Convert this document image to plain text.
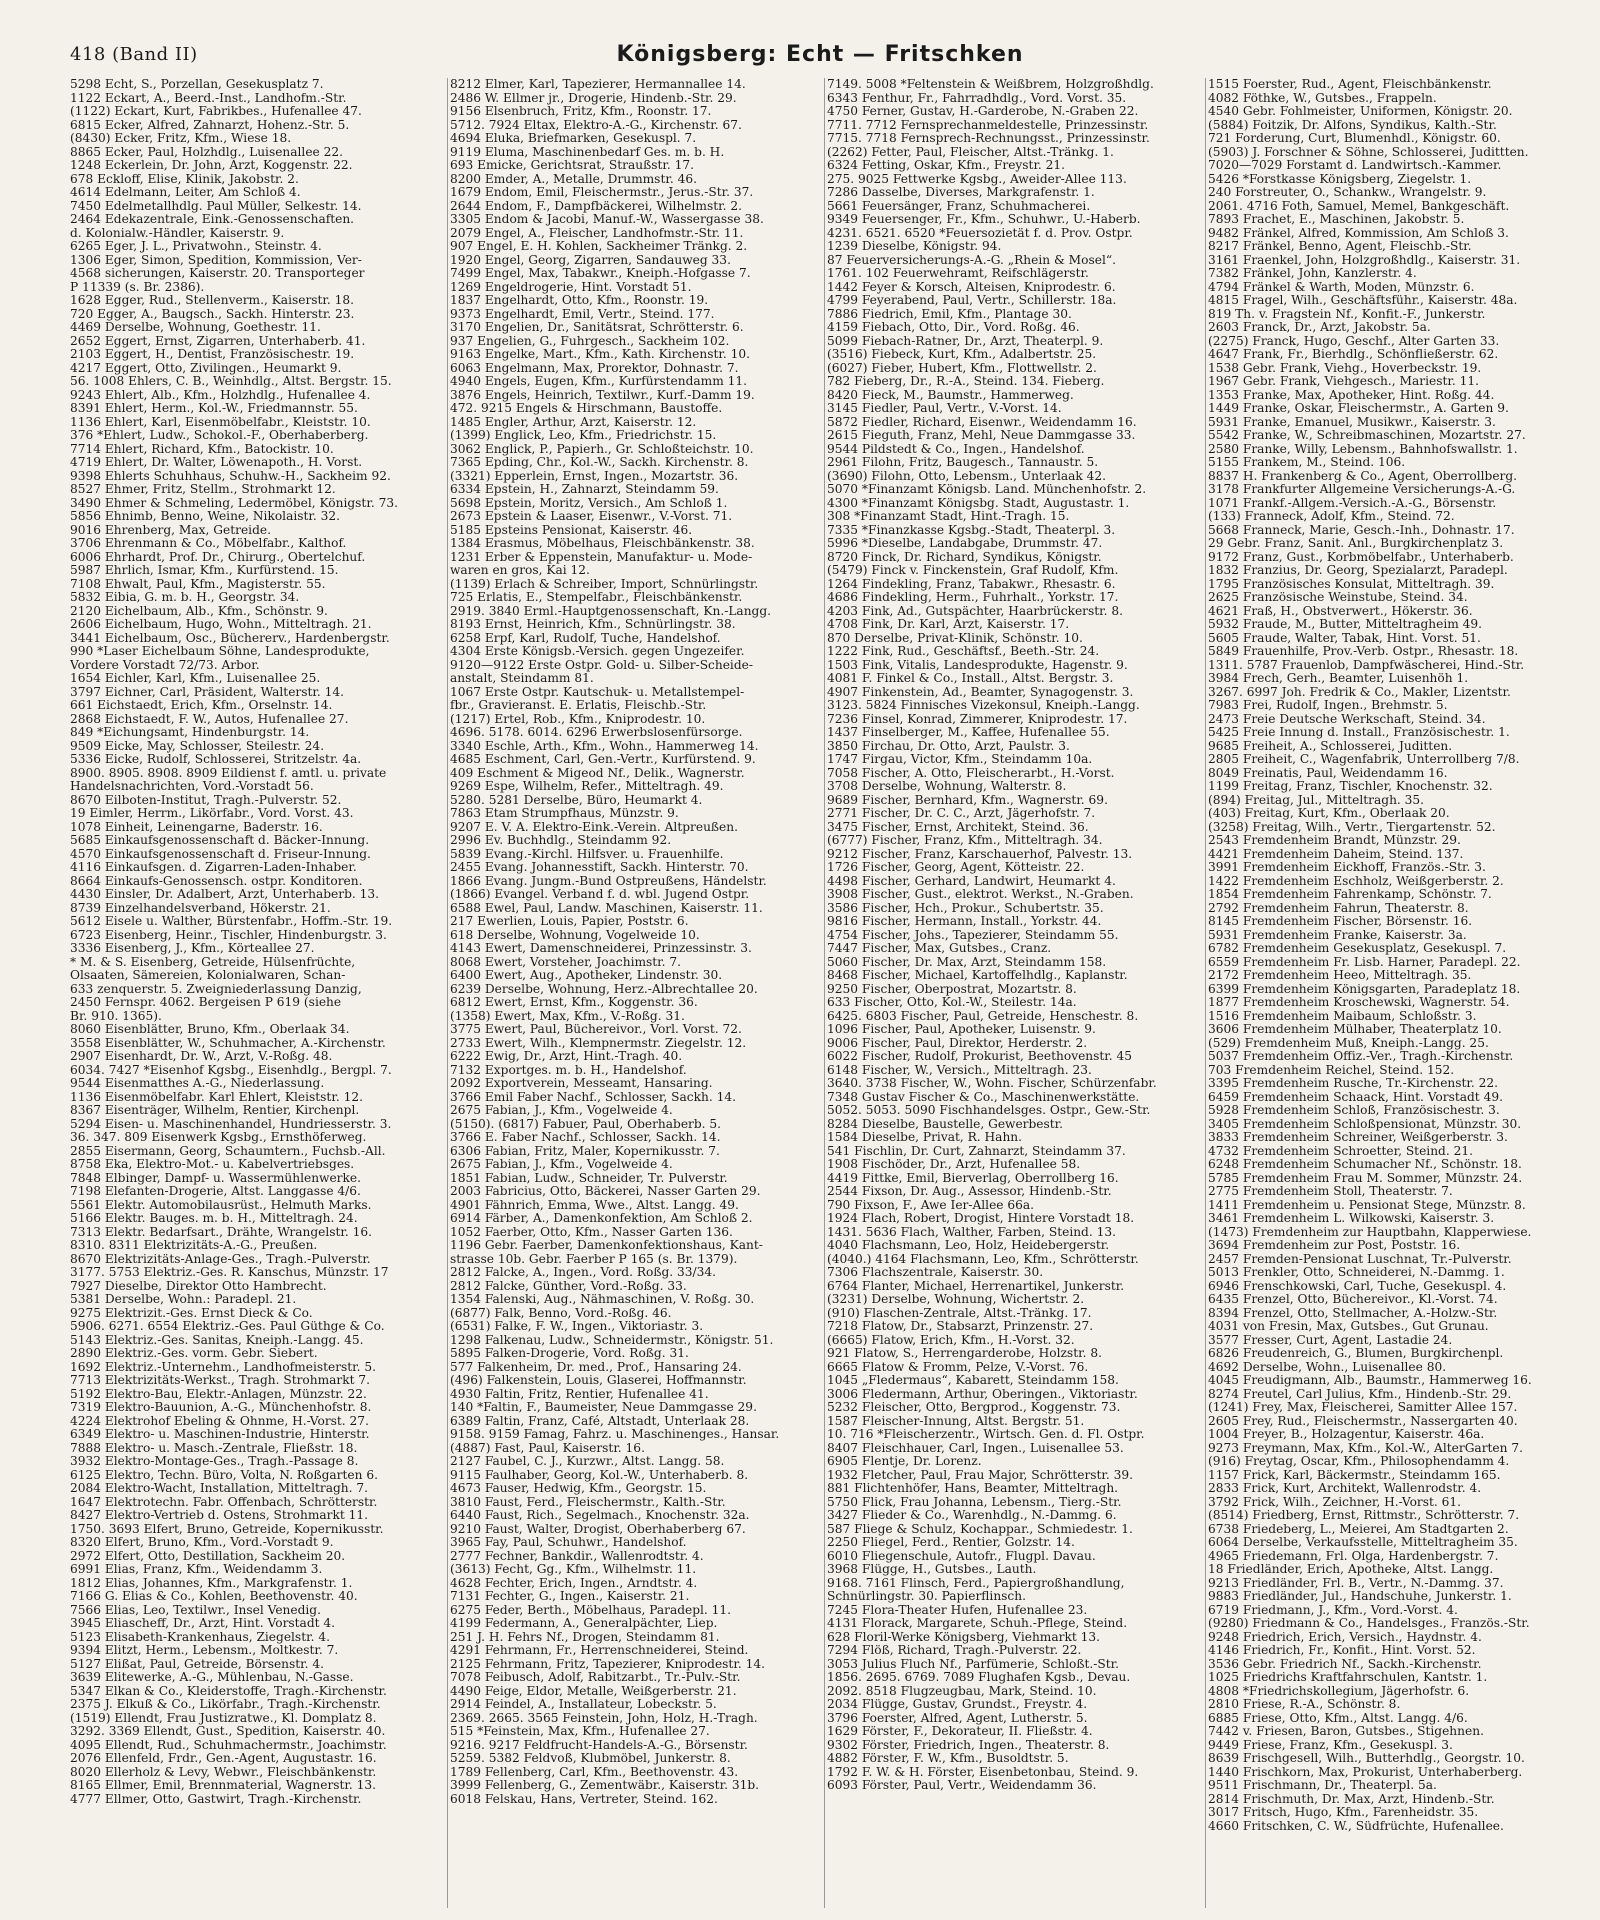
418 (Band II)	Königsberg: Echt — Fritschken
5298 Echt, S., Porzellan, Gesekusplatz 7.
1122 Eckart, A., Beerd.-Inst., Landhofm.-Str.
(1122) Eckart, Kurt, Fabrikbes., Hufenallee 47.
6815 Ecker, Alfred, Zahnarzt, Hohenz.-Str. 5.
(8430) Ecker, Fritz, Kfm., Wiese 18.
8865 Ecker, Paul, Holzhdlg., Luisenallee 22.
1248 Eckerlein, Dr. John, Arzt, Koggenstr. 22.
678 Eckloff, Elise, Klinik, Jakobstr. 2.
4614 Edelmann, Leiter, Am Schloß 4.
7450 Edelmetallhdlg. Paul Müller, Selkestr. 14.
2464 Edekazentrale, Eink.-Genossenschaften.
d. Kolonialw.-Händler, Kaiserstr. 9.
6265 Eger, J. L., Privatwohn., Steinstr. 4.
1306 Eger, Simon, Spedition, Kommission, Ver-
4568 sicherungen, Kaiserstr. 20. Transporteger
P 11339 (s. Br. 2386).
1628 Egger, Rud., Stellenverm., Kaiserstr. 18.
720 Egger, A., Baugsch., Sackh. Hinterstr. 23.
4469 Derselbe, Wohnung, Goethestr. 11.
2652 Eggert, Ernst, Zigarren, Unterhaberb. 41.
2103 Eggert, H., Dentist, Französischestr. 19.
4217 Eggert, Otto, Zivilingen., Heumarkt 9.
56. 1008 Ehlers, C. B., Weinhdlg., Altst. Bergstr. 15.
9243 Ehlert, Alb., Kfm., Holzhdlg., Hufenallee 4.
8391 Ehlert, Herm., Kol.-W., Friedmannstr. 55.
1136 Ehlert, Karl, Eisenmöbelfabr., Kleiststr. 10.
376 *Ehlert, Ludw., Schokol.-F., Oberhaberberg.
7714 Ehlert, Richard, Kfm., Batockistr. 10.
4719 Ehlert, Dr. Walter, Löwenapoth., H. Vorst.
9398 Ehlerts Schuhhaus, Schuhw.-H., Sackheim 92.
8527 Ehmer, Fritz, Stellm., Strohmarkt 12.
3490 Ehmer & Schmeling, Ledermöbel, Königstr. 73.
5856 Ehnimb, Benno, Weine, Nikolaistr. 32.
9016 Ehrenberg, Max, Getreide.
3706 Ehrenmann & Co., Möbelfabr., Kalthof.
6006 Ehrhardt, Prof. Dr., Chirurg., Obertelchuf.
5987 Ehrlich, Ismar, Kfm., Kurfürstend. 15.
7108 Ehwalt, Paul, Kfm., Magisterstr. 55.
5832 Eibia, G. m. b. H., Georgstr. 34.
2120 Eichelbaum, Alb., Kfm., Schönstr. 9.
2606 Eichelbaum, Hugo, Wohn., Mitteltragh. 21.
3441 Eichelbaum, Osc., Büchererv., Hardenbergstr.
990 *Laser Eichelbaum Söhne, Landesprodukte,
Vordere Vorstadt 72/73. Arbor.
1654 Eichler, Karl, Kfm., Luisenallee 25.
3797 Eichner, Carl, Präsident, Walterstr. 14.
661 Eichstaedt, Erich, Kfm., Orselnstr. 14.
2868 Eichstaedt, F. W., Autos, Hufenallee 27.
849 *Eichungsamt, Hindenburgstr. 14.
9509 Eicke, May, Schlosser, Steilestr. 24.
5336 Eicke, Rudolf, Schlosserei, Stritzelstr. 4a.
8900. 8905. 8908. 8909 Eildienst f. amtl. u. private
Handelsnachrichten, Vord.-Vorstadt 56.
8670 Eilboten-Institut, Tragh.-Pulverstr. 52.
19 Eimler, Herrm., Likörfabr., Vord. Vorst. 43.
1078 Einheit, Leinengarne, Baderstr. 16.
5685 Einkaufsgenossenschaft d. Bäcker-Innung.
4570 Einkaufsgenossenschaft d. Friseur-Innung.
4116 Einkaufsgen. d. Zigarren-Laden-Inhaber.
8664 Einkaufs-Genossensch. ostpr. Konditoren.
4430 Einsler, Dr. Adalbert, Arzt, Unterhaberb. 13.
8739 Einzelhandelsverband, Hökerstr. 21.
5612 Eisele u. Walther, Bürstenfabr., Hoffm.-Str. 19.
6723 Eisenberg, Heinr., Tischler, Hindenburgstr. 3.
3336 Eisenberg, J., Kfm., Körteallee 27.
* M. & S. Eisenberg, Getreide, Hülsenfrüchte,
Ölsaaten, Sämereien, Kolonialwaren, Schan-
633 zenquerstr. 5. Zweigniederlassung Danzig,
2450 Fernspr. 4062. Bergeisen P 619 (siehe
Br. 910. 1365).
8060 Eisenblätter, Bruno, Kfm., Oberlaak 34.
3558 Eisenblätter, W., Schuhmacher, A.-Kirchenstr.
2907 Eisenhardt, Dr. W., Arzt, V.-Roßg. 48.
6034. 7427 *Eisenhof Kgsbg., Eisenhdlg., Bergpl. 7.
9544 Eisenmatthes A.-G., Niederlassung.
1136 Eisenmöbelfabr. Karl Ehlert, Kleiststr. 12.
8367 Eisenträger, Wilhelm, Rentier, Kirchenpl.
5294 Eisen- u. Maschinenhandel, Hundriesserstr. 3.
36. 347. 809 Eisenwerk Kgsbg., Ernsthöferweg.
2855 Eisermann, Georg, Schaumtern., Fuchsb.-All.
8758 Eka, Elektro-Mot.- u. Kabelvertriebsges.
7848 Elbinger, Dampf- u. Wassermühlenwerke.
7198 Elefanten-Drogerie, Altst. Langgasse 4/6.
5561 Elektr. Automobilausrüst., Helmuth Marks.
5166 Elektr. Bauges. m. b. H., Mitteltragh. 24.
7313 Elektr. Bedarfsart., Drähte, Wrangelstr. 16.
8310. 8311 Elektrizitäts-A.-G., Preußen.
8670 Elektrizitäts-Anlage-Ges., Tragh.-Pulverstr.
3177. 5753 Elektriz.-Ges. R. Kanschus, Münzstr. 17
7927 Dieselbe, Direktor Otto Hambrecht.
5381 Derselbe, Wohn.: Paradepl. 21.
9275 Elektrizit.-Ges. Ernst Dieck & Co.
5906. 6271. 6554 Elektriz.-Ges. Paul Güthge & Co.
5143 Elektriz.-Ges. Sanitas, Kneiph.-Langg. 45.
2890 Elektriz.-Ges. vorm. Gebr. Siebert.
1692 Elektriz.-Unternehm., Landhofmeisterstr. 5.
7713 Elektrizitäts-Werkst., Tragh. Strohmarkt 7.
5192 Elektro-Bau, Elektr.-Anlagen, Münzstr. 22.
7319 Elektro-Bauunion, A.-G., Münchenhofstr. 8.
4224 Elektrohof Ebeling & Ohnme, H.-Vorst. 27.
6349 Elektro- u. Maschinen-Industrie, Hinterstr.
7888 Elektro- u. Masch.-Zentrale, Fließstr. 18.
3932 Elektro-Montage-Ges., Tragh.-Passage 8.
6125 Elektro, Techn. Büro, Volta, N. Roßgarten 6.
2084 Elektro-Wacht, Installation, Mitteltragh. 7.
1647 Elektrotechn. Fabr. Offenbach, Schrötterstr.
8427 Elektro-Vertrieb d. Ostens, Strohmarkt 11.
1750. 3693 Elfert, Bruno, Getreide, Kopernikusstr.
8320 Elfert, Bruno, Kfm., Vord.-Vorstadt 9.
2972 Elfert, Otto, Destillation, Sackheim 20.
6991 Elias, Franz, Kfm., Weidendamm 3.
1812 Elias, Johannes, Kfm., Markgrafenstr. 1.
7166 G. Elias & Co., Kohlen, Beethovenstr. 40.
7566 Elias, Leo, Textilwr., Insel Venedig.
3945 Eliascheff, Dr., Arzt, Hint. Vorstadt 4.
5123 Elisabeth-Krankenhaus, Ziegelstr. 4.
9394 Elitzt, Herm., Lebensm., Moltkestr. 7.
5127 Elißat, Paul, Getreide, Börsenstr. 4.
3639 Elitewerke, A.-G., Mühlenbau, N.-Gasse.
5347 Elkan & Co., Kleiderstoffe, Tragh.-Kirchenstr.
2375 J. Elkuß & Co., Likörfabr., Tragh.-Kirchenstr.
(1519) Ellendt, Frau Justizratwe., Kl. Domplatz 8.
3292. 3369 Ellendt, Gust., Spedition, Kaiserstr. 40.
4095 Ellendt, Rud., Schuhmachermstr., Joachimstr.
2076 Ellenfeld, Frdr., Gen.-Agent, Augustastr. 16.
8020 Ellerholz & Levy, Webwr., Fleischbänkenstr.
8165 Ellmer, Emil, Brennmaterial, Wagnerstr. 13.
4777 Ellmer, Otto, Gastwirt, Tragh.-Kirchenstr.
8212 Elmer, Karl, Tapezierer, Hermannallee 14.
2486 W. Ellmer jr., Drogerie, Hindenb.-Str. 29.
9156 Elsenbruch, Fritz, Kfm., Roonstr. 17.
5712. 7924 Eltax, Elektro-A.-G., Kirchenstr. 67.
4694 Eluka, Briefmarken, Gesekuspl. 7.
9119 Eluma, Maschinenbedarf Ges. m. b. H.
693 Emicke, Gerichtsrat, Straußstr. 17.
8200 Emder, A., Metalle, Drummstr. 46.
1679 Endom, Emil, Fleischermstr., Jerus.-Str. 37.
2644 Endom, F., Dampfbäckerei, Wilhelmstr. 2.
3305 Endom & Jacobi, Manuf.-W., Wassergasse 38.
2079 Engel, A., Fleischer, Landhofmstr.-Str. 11.
907 Engel, E. H. Kohlen, Sackheimer Tränkg. 2.
1920 Engel, Georg, Zigarren, Sandauweg 33.
7499 Engel, Max, Tabakwr., Kneiph.-Hofgasse 7.
1269 Engeldrogerie, Hint. Vorstadt 51.
1837 Engelhardt, Otto, Kfm., Roonstr. 19.
9373 Engelhardt, Emil, Vertr., Steind. 177.
3170 Engelien, Dr., Sanitätsrat, Schrötterstr. 6.
937 Engelien, G., Fuhrgesch., Sackheim 102.
9163 Engelke, Mart., Kfm., Kath. Kirchenstr. 10.
6063 Engelmann, Max, Prorektor, Dohnastr. 7.
4940 Engels, Eugen, Kfm., Kurfürstendamm 11.
3876 Engels, Heinrich, Textilwr., Kurf.-Damm 19.
472. 9215 Engels & Hirschmann, Baustoffe.
1485 Engler, Arthur, Arzt, Kaiserstr. 12.
(1399) Englick, Leo, Kfm., Friedrichstr. 15.
3062 Englick, P., Papierh., Gr. Schloßteichstr. 10.
7365 Epding, Chr., Kol.-W., Sackh. Kirchenstr. 8.
(3321) Epperlein, Ernst, Ingen., Mozartstr. 36.
6334 Epstein, H., Zahnarzt, Steindamm 59.
5698 Epstein, Moritz, Versich., Am Schloß 1.
2673 Epstein & Laaser, Eisenwr., V.-Vorst. 71.
5185 Epsteins Pensionat, Kaiserstr. 46.
1384 Erasmus, Möbelhaus, Fleischbänkenstr. 38.
1231 Erber & Eppenstein, Manufaktur- u. Mode-
waren en gros, Kai 12.
(1139) Erlach & Schreiber, Import, Schnürlingstr.
725 Erlatis, E., Stempelfabr., Fleischbänkenstr.
2919. 3840 Erml.-Hauptgenossenschaft, Kn.-Langg.
8193 Ernst, Heinrich, Kfm., Schnürlingstr. 38.
6258 Erpf, Karl, Rudolf, Tuche, Handelshof.
4304 Erste Königsb.-Versich. gegen Ungezeifer.
9120—9122 Erste Ostpr. Gold- u. Silber-Scheide-
anstalt, Steindamm 81.
1067 Erste Ostpr. Kautschuk- u. Metallstempel-
fbr., Gravieranst. E. Erlatis, Fleischb.-Str.
(1217) Ertel, Rob., Kfm., Kniprodestr. 10.
4696. 5178. 6014. 6296 Erwerbslosenfürsorge.
3340 Eschle, Arth., Kfm., Wohn., Hammerweg 14.
4685 Eschment, Carl, Gen.-Vertr., Kurfürstend. 9.
409 Eschment & Migeod Nf., Delik., Wagnerstr.
9269 Espe, Wilhelm, Refer., Mitteltragh. 49.
5280. 5281 Derselbe, Büro, Heumarkt 4.
7863 Etam Strumpfhaus, Münzstr. 9.
9207 E. V. A. Elektro-Eink.-Verein. Altpreußen.
2996 Ev. Buchhdlg., Steindamm 92.
5839 Evang.-Kirchl. Hilfsver. u. Frauenhilfe.
2455 Evang. Johannesstift, Sackh. Hinterstr. 70.
1866 Evang. Jungm.-Bund Ostpreußens, Händelstr.
(1866) Evangel. Verband f. d. wbl. Jugend Ostpr.
6588 Ewel, Paul, Landw. Maschinen, Kaiserstr. 11.
217 Ewerlien, Louis, Papier, Poststr. 6.
618 Derselbe, Wohnung, Vogelweide 10.
4143 Ewert, Damenschneiderei, Prinzessinstr. 3.
8068 Ewert, Vorsteher, Joachimstr. 7.
6400 Ewert, Aug., Apotheker, Lindenstr. 30.
6239 Derselbe, Wohnung, Herz.-Albrechtallee 20.
6812 Ewert, Ernst, Kfm., Koggenstr. 36.
(1358) Ewert, Max, Kfm., V.-Roßg. 31.
3775 Ewert, Paul, Büchereivor., Vorl. Vorst. 72.
2733 Ewert, Wilh., Klempnermstr. Ziegelstr. 12.
6222 Ewig, Dr., Arzt, Hint.-Tragh. 40.
7132 Exportges. m. b. H., Handelshof.
2092 Exportverein, Messeamt, Hansaring.
3766 Emil Faber Nachf., Schlosser, Sackh. 14.
2675 Fabian, J., Kfm., Vogelweide 4.
(5150). (6817) Fabuer, Paul, Oberhaberb. 5.
3766 E. Faber Nachf., Schlosser, Sackh. 14.
6306 Fabian, Fritz, Maler, Kopernikusstr. 7.
2675 Fabian, J., Kfm., Vogelweide 4.
1851 Fabian, Ludw., Schneider, Tr. Pulverstr.
2003 Fabricius, Otto, Bäckerei, Nasser Garten 29.
4901 Fähnrich, Emma, Wwe., Altst. Langg. 49.
6914 Färber, A., Damenkonfektion, Am Schloß 2.
1052 Faerber, Otto, Kfm., Nasser Garten 136.
1196 Gebr. Faerber, Damenkonfektionshaus, Kant-
strasse 10b. Gebr. Faerber P 165 (s. Br. 1379).
2812 Falcke, A., Ingen., Vord. Roßg. 33/34.
2812 Falcke, Günther, Vord.-Roßg. 33.
1354 Falenski, Aug., Nähmaschinen, V. Roßg. 30.
(6877) Falk, Benno, Vord.-Roßg. 46.
(6531) Falke, F. W., Ingen., Viktoriastr. 3.
1298 Falkenau, Ludw., Schneidermstr., Königstr. 51.
5895 Falken-Drogerie, Vord. Roßg. 31.
577 Falkenheim, Dr. med., Prof., Hansaring 24.
(496) Falkenstein, Louis, Glaserei, Hoffmannstr.
4930 Faltin, Fritz, Rentier, Hufenallee 41.
140 *Faltin, F., Baumeister, Neue Dammgasse 29.
6389 Faltin, Franz, Café, Altstadt, Unterlaak 28.
9158. 9159 Famag, Fahrz. u. Maschinenges., Hansar.
(4887) Fast, Paul, Kaiserstr. 16.
2127 Faubel, C. J., Kurzwr., Altst. Langg. 58.
9115 Faulhaber, Georg, Kol.-W., Unterhaberb. 8.
4673 Fauser, Hedwig, Kfm., Georgstr. 15.
3810 Faust, Ferd., Fleischermstr., Kalth.-Str.
6440 Faust, Rich., Segelmach., Knochenstr. 32a.
9210 Faust, Walter, Drogist, Oberhaberberg 67.
3965 Fay, Paul, Schuhwr., Handelshof.
2777 Fechner, Bankdir., Wallenrodtstr. 4.
(3613) Fecht, Gg., Kfm., Wilhelmstr. 11.
4628 Fechter, Erich, Ingen., Arndtstr. 4.
7131 Fechter, G., Ingen., Kaiserstr. 21.
6275 Feder, Berth., Möbelhaus, Paradepl. 11.
4199 Federmann, A., Generalpächter, Liep.
251 J. H. Fehrs Nf., Drogen, Steindamm 81.
4291 Fehrmann, Fr., Herrenschneiderei, Steind.
2125 Fehrmann, Fritz, Tapezierer, Kniprodestr. 14.
7078 Feibusch, Adolf, Rabitzarbt., Tr.-Pulv.-Str.
4490 Feige, Eldor, Metalle, Weißgerberstr. 21.
2914 Feindel, A., Installateur, Lobeckstr. 5.
2369. 2665. 3565 Feinstein, John, Holz, H.-Tragh.
515 *Feinstein, Max, Kfm., Hufenallee 27.
9216. 9217 Feldfrucht-Handels-A.-G., Börsenstr.
5259. 5382 Feldvoß, Klubmöbel, Junkerstr. 8.
1789 Fellenberg, Carl, Kfm., Beethovenstr. 43.
3999 Fellenberg, G., Zementwäbr., Kaiserstr. 31b.
6018 Felskau, Hans, Vertreter, Steind. 162.
7149. 5008 *Feltenstein & Weißbrem, Holzgroßhdlg.
6343 Fenthur, Fr., Fahrradhdlg., Vord. Vorst. 35.
4750 Ferner, Gustav, H.-Garderobe, N.-Graben 22.
7711. 7712 Fernsprechanmeldestelle, Prinzessinstr.
7715. 7718 Fernsprech-Rechnungsst., Prinzessinstr.
(2262) Fetter, Paul, Fleischer, Altst.-Tränkg. 1.
6324 Fetting, Oskar, Kfm., Freystr. 21.
275. 9025 Fettwerke Kgsbg., Aweider-Allee 113.
7286 Dasselbe, Diverses, Markgrafenstr. 1.
5661 Feuersänger, Franz, Schuhmacherei.
9349 Feuersenger, Fr., Kfm., Schuhwr., U.-Haberb.
4231. 6521. 6520 *Feuersozietät f. d. Prov. Ostpr.
1239 Dieselbe, Königstr. 94.
87 Feuerversicherungs-A.-G. „Rhein & Mosel“.
1761. 102 Feuerwehramt, Reifschlägerstr.
1442 Feyer & Korsch, Alteisen, Kniprodestr. 6.
4799 Feyerabend, Paul, Vertr., Schillerstr. 18a.
7886 Fiedrich, Emil, Kfm., Plantage 30.
4159 Fiebach, Otto, Dir., Vord. Roßg. 46.
5099 Fiebach-Ratner, Dr., Arzt, Theaterpl. 9.
(3516) Fiebeck, Kurt, Kfm., Adalbertstr. 25.
(6027) Fieber, Hubert, Kfm., Flottwellstr. 2.
782 Fieberg, Dr., R.-A., Steind. 134. Fieberg.
8420 Fieck, M., Baumstr., Hammerweg.
3145 Fiedler, Paul, Vertr., V.-Vorst. 14.
5872 Fiedler, Richard, Eisenwr., Weidendamm 16.
2615 Fieguth, Franz, Mehl, Neue Dammgasse 33.
9544 Pildstedt & Co., Ingen., Handelshof.
2961 Filohn, Fritz, Baugesch., Tannaustr. 5.
(3690) Filohn, Otto, Lebensm., Unterlaak 42.
5070 *Finanzamt Königsb. Land. Münchenhofstr. 2.
4300 *Finanzamt Königsbg. Stadt, Augustastr. 1.
308 *Finanzamt Stadt, Hint.-Tragh. 15.
7335 *Finanzkasse Kgsbg.-Stadt, Theaterpl. 3.
5996 *Dieselbe, Landabgabe, Drummstr. 47.
8720 Finck, Dr. Richard, Syndikus, Königstr.
(5479) Finck v. Finckenstein, Graf Rudolf, Kfm.
1264 Findekling, Franz, Tabakwr., Rhesastr. 6.
4686 Findekling, Herm., Fuhrhalt., Yorkstr. 17.
4203 Fink, Ad., Gutspächter, Haarbrückerstr. 8.
4708 Fink, Dr. Karl, Arzt, Kaiserstr. 17.
870 Derselbe, Privat-Klinik, Schönstr. 10.
1222 Fink, Rud., Geschäftsf., Beeth.-Str. 24.
1503 Fink, Vitalis, Landesprodukte, Hagenstr. 9.
4081 F. Finkel & Co., Install., Altst. Bergstr. 3.
4907 Finkenstein, Ad., Beamter, Synagogenstr. 3.
3123. 5824 Finnisches Vizekonsul, Kneiph.-Langg.
7236 Finsel, Konrad, Zimmerer, Kniprodestr. 17.
1437 Finselberger, M., Kaffee, Hufenallee 55.
3850 Firchau, Dr. Otto, Arzt, Paulstr. 3.
1747 Firgau, Victor, Kfm., Steindamm 10a.
7058 Fischer, A. Otto, Fleischerarbt., H.-Vorst.
3708 Derselbe, Wohnung, Walterstr. 8.
9689 Fischer, Bernhard, Kfm., Wagnerstr. 69.
2771 Fischer, Dr. C. C., Arzt, Jägerhofstr. 7.
3475 Fischer, Ernst, Architekt, Steind. 36.
(6777) Fischer, Franz, Kfm., Mitteltragh. 34.
9212 Fischer, Franz, Karschauerhof, Palvestr. 13.
1726 Fischer, Georg, Agent, Kötteistr. 22.
4498 Fischer, Gerhard, Landwirt, Heumarkt 4.
3908 Fischer, Gust., elektrot. Werkst., N.-Graben.
3586 Fischer, Hch., Prokur., Schubertstr. 35.
9816 Fischer, Hermann, Install., Yorkstr. 44.
4754 Fischer, Johs., Tapezierer, Steindamm 55.
7447 Fischer, Max, Gutsbes., Cranz.
5060 Fischer, Dr. Max, Arzt, Steindamm 158.
8468 Fischer, Michael, Kartoffelhdlg., Kaplanstr.
9250 Fischer, Oberpostrat, Mozartstr. 8.
633 Fischer, Otto, Kol.-W., Steilestr. 14a.
6425. 6803 Fischer, Paul, Getreide, Henschestr. 8.
1096 Fischer, Paul, Apotheker, Luisenstr. 9.
9006 Fischer, Paul, Direktor, Herderstr. 2.
6022 Fischer, Rudolf, Prokurist, Beethovenstr. 45
6148 Fischer, W., Versich., Mitteltragh. 23.
3640. 3738 Fischer, W., Wohn. Fischer, Schürzenfabr.
7348 Gustav Fischer & Co., Maschinenwerkstätte.
5052. 5053. 5090 Fischhandelsges. Ostpr., Gew.-Str.
8284 Dieselbe, Baustelle, Gewerbestr.
1584 Dieselbe, Privat, R. Hahn.
541 Fischlin, Dr. Curt, Zahnarzt, Steindamm 37.
1908 Fischöder, Dr., Arzt, Hufenallee 58.
4419 Fittke, Emil, Bierverlag, Oberrollberg 16.
2544 Fixson, Dr. Aug., Assessor, Hindenb.-Str.
790 Fixson, F., Awe Ier-Allee 66a.
1924 Flach, Robert, Drogist, Hintere Vorstadt 18.
1431. 5636 Flach, Walther, Farben, Steind. 13.
4040 Flachsmann, Leo, Holz, Heidebergerstr.
(4040.) 4164 Flachsmann, Leo, Kfm., Schrötterstr.
7306 Flachszentrale, Kaiserstr. 30.
6764 Flanter, Michael, Herrenartikel, Junkerstr.
(3231) Derselbe, Wohnung, Wichertstr. 2.
(910) Flaschen-Zentrale, Altst.-Tränkg. 17.
7218 Flatow, Dr., Stabsarzt, Prinzenstr. 27.
(6665) Flatow, Erich, Kfm., H.-Vorst. 32.
921 Flatow, S., Herrengarderobe, Holzstr. 8.
6665 Flatow & Fromm, Pelze, V.-Vorst. 76.
1045 „Fledermaus“, Kabarett, Steindamm 158.
3006 Fledermann, Arthur, Oberingen., Viktoriastr.
5232 Fleischer, Otto, Bergprod., Koggenstr. 73.
1587 Fleischer-Innung, Altst. Bergstr. 51.
10. 716 *Fleischerzentr., Wirtsch. Gen. d. Fl. Ostpr.
8407 Fleischhauer, Carl, Ingen., Luisenallee 53.
6905 Flentje, Dr. Lorenz.
1932 Fletcher, Paul, Frau Major, Schrötterstr. 39.
881 Flichtenhöfer, Hans, Beamter, Mitteltragh.
5750 Flick, Frau Johanna, Lebensm., Tierg.-Str.
3427 Flieder & Co., Warenhdlg., N.-Dammg. 6.
587 Fliege & Schulz, Kochappar., Schmiedestr. 1.
2250 Fliegel, Ferd., Rentier, Golzstr. 14.
6010 Fliegenschule, Autofr., Flugpl. Davau.
3968 Flügge, H., Gutsbes., Lauth.
9168. 7161 Flinsch, Ferd., Papiergroßhandlung,
Schnürlingstr. 30. Papierflinsch.
7245 Flora-Theater Hufen, Hufenallee 23.
4131 Florack, Margarete, Schuh.-Pflege, Steind.
628 Floril-Werke Königsberg, Viehmarkt 13.
7294 Flöß, Richard, Tragh.-Pulverstr. 22.
3053 Julius Fluch Nf., Parfümerie, Schloßt.-Str.
1856. 2695. 6769. 7089 Flughafen Kgsb., Devau.
2092. 8518 Flugzeugbau, Mark, Steind. 10.
2034 Flügge, Gustav, Grundst., Freystr. 4.
3796 Foerster, Alfred, Agent, Lutherstr. 5.
1629 Förster, F., Dekorateur, II. Fließstr. 4.
9302 Förster, Friedrich, Ingen., Theaterstr. 8.
4882 Förster, F. W., Kfm., Busoldtstr. 5.
1792 F. W. & H. Förster, Eisenbetonbau, Steind. 9.
6093 Förster, Paul, Vertr., Weidendamm 36.
1515 Foerster, Rud., Agent, Fleischbänkenstr.
4082 Föthke, W., Gutsbes., Frappeln.
4540 Gebr. Fohlmeister, Uniformen, Königstr. 20.
(5884) Foitzik, Dr. Alfons, Syndikus, Kalth.-Str.
721 Forderung, Curt, Blumenhdl., Königstr. 60.
(5903) J. Forschner & Söhne, Schlosserei, Judittten.
7020—7029 Forstamt d. Landwirtsch.-Kammer.
5426 *Forstkasse Königsberg, Ziegelstr. 1.
240 Forstreuter, O., Schankw., Wrangelstr. 9.
2061. 4716 Foth, Samuel, Memel, Bankgeschäft.
7893 Frachet, E., Maschinen, Jakobstr. 5.
9482 Fränkel, Alfred, Kommission, Am Schloß 3.
8217 Fränkel, Benno, Agent, Fleischb.-Str.
3161 Fraenkel, John, Holzgroßhdlg., Kaiserstr. 31.
7382 Fränkel, John, Kanzlerstr. 4.
4794 Fränkel & Warth, Moden, Münzstr. 6.
4815 Fragel, Wilh., Geschäftsführ., Kaiserstr. 48a.
819 Th. v. Fragstein Nf., Konfit.-F., Junkerstr.
2603 Franck, Dr., Arzt, Jakobstr. 5a.
(2275) Franck, Hugo, Geschf., Alter Garten 33.
4647 Frank, Fr., Bierhdlg., Schönfließerstr. 62.
1538 Gebr. Frank, Viehg., Hoverbeckstr. 19.
1967 Gebr. Frank, Viehgesch., Mariestr. 11.
1353 Franke, Max, Apotheker, Hint. Roßg. 44.
1449 Franke, Oskar, Fleischermstr., A. Garten 9.
5931 Franke, Emanuel, Musikwr., Kaiserstr. 3.
5542 Franke, W., Schreibmaschinen, Mozartstr. 27.
2580 Franke, Willy, Lebensm., Bahnhofswallstr. 1.
5155 Frankem, M., Steind. 106.
8837 H. Frankenberg & Co., Agent, Oberrollberg.
3178 Frankfurter Allgemeine Versicherungs-A.-G.
1071 Frankf.-Allgem.-Versich.-A.-G., Börsenstr.
(133) Franneck, Adolf, Kfm., Steind. 72.
5668 Franneck, Marie, Gesch.-Inh., Dohnastr. 17.
29 Gebr. Franz, Sanit. Anl., Burgkirchenplatz 3.
9172 Franz, Gust., Korbmöbelfabr., Unterhaberb.
1832 Franzius, Dr. Georg, Spezialarzt, Paradepl.
1795 Französisches Konsulat, Mitteltragh. 39.
2625 Französische Weinstube, Steind. 34.
4621 Fraß, H., Obstverwert., Hökerstr. 36.
5932 Fraude, M., Butter, Mitteltragheim 49.
5605 Fraude, Walter, Tabak, Hint. Vorst. 51.
5849 Frauenhilfe, Prov.-Verb. Ostpr., Rhesastr. 18.
1311. 5787 Frauenlob, Dampfwäscherei, Hind.-Str.
3984 Frech, Gerh., Beamter, Luisenhöh 1.
3267. 6997 Joh. Fredrik & Co., Makler, Lizentstr.
7983 Frei, Rudolf, Ingen., Brehmstr. 5.
2473 Freie Deutsche Werkschaft, Steind. 34.
5425 Freie Innung d. Install., Französischestr. 1.
9685 Freiheit, A., Schlosserei, Juditten.
2805 Freiheit, C., Wagenfabrik, Unterrollberg 7/8.
8049 Freinatis, Paul, Weidendamm 16.
1199 Freitag, Franz, Tischler, Knochenstr. 32.
(894) Freitag, Jul., Mitteltragh. 35.
(403) Freitag, Kurt, Kfm., Oberlaak 20.
(3258) Freitag, Wilh., Vertr., Tiergartenstr. 52.
2543 Fremdenheim Brandt, Münzstr. 29.
4421 Fremdenheim Daheim, Steind. 137.
3991 Fremdenheim Eickhoff, Französ.-Str. 3.
1422 Fremdenheim Eschholz, Weißgerberstr. 2.
1854 Fremdenheim Fahrenkamp, Schönstr. 7.
2792 Fremdenheim Fahrun, Theaterstr. 8.
8145 Fremdenheim Fischer, Börsenstr. 16.
5931 Fremdenheim Franke, Kaiserstr. 3a.
6782 Fremdenheim Gesekusplatz, Gesekuspl. 7.
6559 Fremdenheim Fr. Lisb. Harner, Paradepl. 22.
2172 Fremdenheim Heeo, Mitteltragh. 35.
6399 Fremdenheim Königsgarten, Paradeplatz 18.
1877 Fremdenheim Kroschewski, Wagnerstr. 54.
1516 Fremdenheim Maibaum, Schloßstr. 3.
3606 Fremdenheim Mülhaber, Theaterplatz 10.
(529) Fremdenheim Muß, Kneiph.-Langg. 25.
5037 Fremdenheim Offiz.-Ver., Tragh.-Kirchenstr.
703 Fremdenheim Reichel, Steind. 152.
3395 Fremdenheim Rusche, Tr.-Kirchenstr. 22.
6459 Fremdenheim Schaack, Hint. Vorstadt 49.
5928 Fremdenheim Schloß, Französischestr. 3.
3405 Fremdenheim Schloßpensionat, Münzstr. 30.
3833 Fremdenheim Schreiner, Weißgerberstr. 3.
4732 Fremdenheim Schroetter, Steind. 21.
6248 Fremdenheim Schumacher Nf., Schönstr. 18.
5785 Fremdenheim Frau M. Sommer, Münzstr. 24.
2775 Fremdenheim Stoll, Theaterstr. 7.
1411 Fremdenheim u. Pensionat Stege, Münzstr. 8.
3461 Fremdenheim L. Wilkowski, Kaiserstr. 3.
(1473) Fremdenheim zur Hauptbahn, Klapperwiese.
3694 Fremdenheim zur Post, Poststr. 16.
2457 Fremden-Pensionat Luschnat, Tr.-Pulverstr.
5013 Frenkler, Otto, Schneiderei, N.-Dammg. 1.
6946 Frenschkowski, Carl, Tuche, Gesekuspl. 4.
6435 Frenzel, Otto, Büchereivor., Kl.-Vorst. 74.
8394 Frenzel, Otto, Stellmacher, A.-Holzw.-Str.
4031 von Fresin, Max, Gutsbes., Gut Grunau.
3577 Fresser, Curt, Agent, Lastadie 24.
6826 Freudenreich, G., Blumen, Burgkirchenpl.
4692 Derselbe, Wohn., Luisenallee 80.
4045 Freudigmann, Alb., Baumstr., Hammerweg 16.
8274 Freutel, Carl Julius, Kfm., Hindenb.-Str. 29.
(1241) Frey, Max, Fleischerei, Samitter Allee 157.
2605 Frey, Rud., Fleischermstr., Nassergarten 40.
1004 Freyer, B., Holzagentur, Kaiserstr. 46a.
9273 Freymann, Max, Kfm., Kol.-W., AlterGarten 7.
(916) Freytag, Oscar, Kfm., Philosophendamm 4.
1157 Frick, Karl, Bäckermstr., Steindamm 165.
2833 Frick, Kurt, Architekt, Wallenrodstr. 4.
3792 Frick, Wilh., Zeichner, H.-Vorst. 61.
(8514) Friedberg, Ernst, Rittmstr., Schrötterstr. 7.
6738 Friedeberg, L., Meierei, Am Stadtgarten 2.
6064 Derselbe, Verkaufsstelle, Mitteltragheim 35.
4965 Friedemann, Frl. Olga, Hardenbergstr. 7.
18 Friedländer, Erich, Apotheke, Altst. Langg.
9213 Friedländer, Frl. B., Vertr., N.-Dammg. 37.
9883 Friedländer, Jul., Handschuhe, Junkerstr. 1.
6719 Friedmann, J., Kfm., Vord.-Vorst. 4.
(9280) Friedmann & Co., Handelsges., Französ.-Str.
9248 Friedrich, Erich, Versich., Haydnstr. 4.
4146 Friedrich, Fr., Konfit., Hint. Vorst. 52.
3536 Gebr. Friedrich Nf., Sackh.-Kirchenstr.
1025 Friedrichs Kraftfahrschulen, Kantstr. 1.
4808 *Friedrichskollegium, Jägerhofstr. 6.
2810 Friese, R.-A., Schönstr. 8.
6885 Friese, Otto, Kfm., Altst. Langg. 4/6.
7442 v. Friesen, Baron, Gutsbes., Stigehnen.
9449 Friese, Franz, Kfm., Gesekuspl. 3.
8639 Frischgesell, Wilh., Butterhdlg., Georgstr. 10.
1440 Frischkorn, Max, Prokurist, Unterhaberberg.
9511 Frischmann, Dr., Theaterpl. 5a.
2814 Frischmuth, Dr. Max, Arzt, Hindenb.-Str.
3017 Fritsch, Hugo, Kfm., Farenheidstr. 35.
4660 Fritschken, C. W., Südfrüchte, Hufenallee.
